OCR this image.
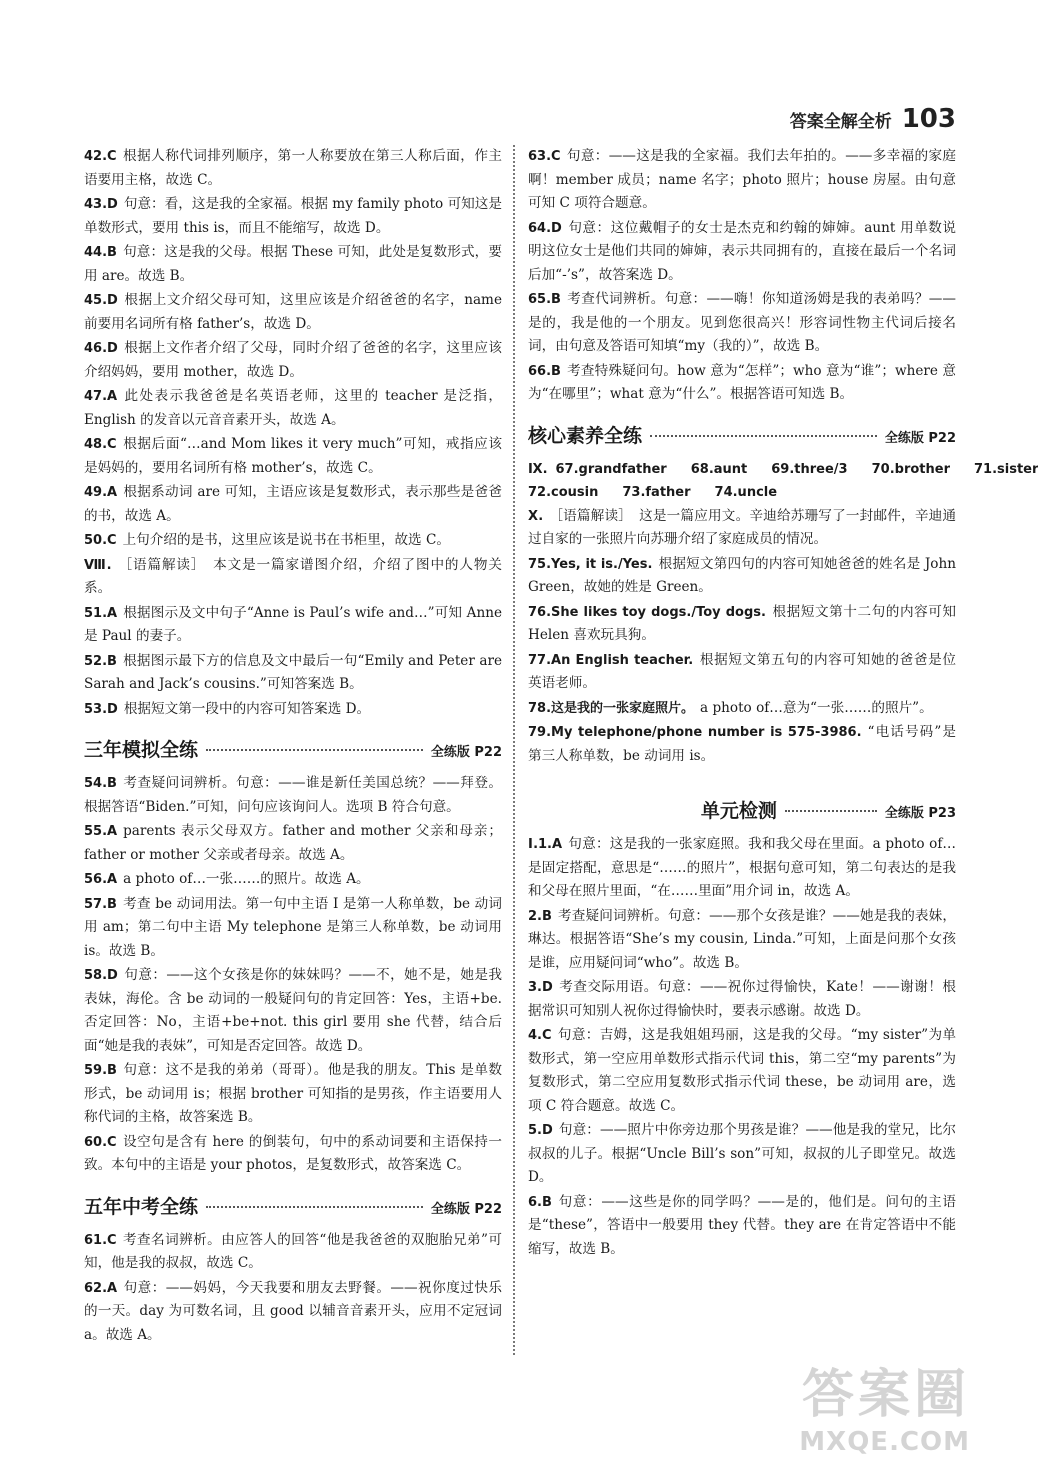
答案全解全析 103

42.C 根据人称代词排列顺序，第一人称要放在第三人称后面，作主语要用主格，故选 C。

43.D 句意：看，这是我的全家福。根据 my family photo 可知这是单数形式，要用 this is，而且不能缩写，故选 D。

44.B 句意：这是我的父母。根据 These 可知，此处是复数形式，要用 are。故选 B。

45.D 根据上文介绍父母可知，这里应该是介绍爸爸的名字，name 前要用名词所有格 father’s，故选 D。

46.D 根据上文作者介绍了父母，同时介绍了爸爸的名字，这里应该介绍妈妈，要用 mother，故选 D。

47.A 此处表示我爸爸是名英语老师，这里的 teacher 是泛指，English 的发音以元音音素开头，故选 A。

48.C 根据后面“…and Mom likes it very much”可知，戒指应该是妈妈的，要用名词所有格 mother’s，故选 C。

49.A 根据系动词 are 可知，主语应该是复数形式，表示那些是爸爸的书，故选 A。

50.C 上句介绍的是书，这里应该是说书在书柜里，故选 C。

Ⅷ. ［语篇解读］　本文是一篇家谱图介绍，介绍了图中的人物关系。

51.A 根据图示及文中句子“Anne is Paul’s wife and…”可知 Anne 是 Paul 的妻子。

52.B 根据图示最下方的信息及文中最后一句“Emily and Peter are Sarah and Jack’s cousins.”可知答案选 B。

53.D 根据短文第一段中的内容可知答案选 D。

三年模拟全练	全练版 P22

54.B 考查疑问词辨析。句意：——谁是新任美国总统？——拜登。根据答语“Biden.”可知，问句应该询问人。选项 B 符合句意。

55.A parents 表示父母双方。father and mother 父亲和母亲；father or mother 父亲或者母亲。故选 A。

56.A a photo of…一张……的照片。故选 A。

57.B 考查 be 动词用法。第一句中主语 I 是第一人称单数，be 动词用 am；第二句中主语 My telephone 是第三人称单数，be 动词用 is。故选 B。

58.D 句意：——这个女孩是你的妹妹吗？——不，她不是，她是我表妹，海伦。含 be 动词的一般疑问句的肯定回答：Yes，主语+be. 否定回答：No，主语+be+not. this girl 要用 she 代替，结合后面“她是我的表妹”，可知是否定回答。故选 D。

59.B 句意：这不是我的弟弟（哥哥）。他是我的朋友。This 是单数形式，be 动词用 is；根据 brother 可知指的是男孩，作主语要用人称代词的主格，故答案选 B。

60.C 设空句是含有 here 的倒装句，句中的系动词要和主语保持一致。本句中的主语是 your photos，是复数形式，故答案选 C。

五年中考全练	全练版 P22

61.C 考查名词辨析。由应答人的回答“他是我爸爸的双胞胎兄弟”可知，他是我的叔叔，故选 C。

62.A 句意：——妈妈，今天我要和朋友去野餐。——祝你度过快乐的一天。day 为可数名词，且 good 以辅音音素开头，应用不定冠词 a。故选 A。

63.C 句意：——这是我的全家福。我们去年拍的。——多幸福的家庭啊！member 成员；name 名字；photo 照片；house 房屋。由句意可知 C 项符合题意。

64.D 句意：这位戴帽子的女士是杰克和约翰的婶婶。aunt 用单数说明这位女士是他们共同的婶婶，表示共同拥有的，直接在最后一个名词后加“-’s”，故答案选 D。

65.B 考查代词辨析。句意：——嗨！你知道汤姆是我的表弟吗？——是的，我是他的一个朋友。见到您很高兴！形容词性物主代词后接名词，由句意及答语可知填“my（我的）”，故选 B。

66.B 考查特殊疑问句。how 意为“怎样”；who 意为“谁”；where 意为“在哪里”；what 意为“什么”。根据答语可知选 B。

核心素养全练	全练版 P22
Ⅸ. 67.grandfather 68.aunt 69.three/3 70.brother 71.sister
72.cousin 73.father 74.uncle

Ⅹ. ［语篇解读］　这是一篇应用文。辛迪给苏珊写了一封邮件，辛迪通过自家的一张照片向苏珊介绍了家庭成员的情况。

75.Yes, it is./Yes. 根据短文第四句的内容可知她爸爸的姓名是 John Green，故她的姓是 Green。

76.She likes toy dogs./Toy dogs. 根据短文第十二句的内容可知 Helen 喜欢玩具狗。

77.An English teacher. 根据短文第五句的内容可知她的爸爸是位英语老师。

78.这是我的一张家庭照片。 a photo of…意为“一张……的照片”。

79.My telephone/phone number is 575-3986. “电话号码”是第三人称单数，be 动词用 is。

单元检测	全练版 P23

Ⅰ.1.A 句意：这是我的一张家庭照。我和我父母在里面。a photo of…是固定搭配，意思是“……的照片”，根据句意可知，第二句表达的是我和父母在照片里面，“在……里面”用介词 in，故选 A。

2.B 考查疑问词辨析。句意：——那个女孩是谁？——她是我的表妹，琳达。根据答语“She’s my cousin, Linda.”可知，上面是问那个女孩是谁，应用疑问词“who”。故选 B。

3.D 考查交际用语。句意：——祝你过得愉快，Kate！——谢谢！根据常识可知别人祝你过得愉快时，要表示感谢。故选 D。

4.C 句意：吉姆，这是我姐姐玛丽，这是我的父母。“my sister”为单数形式，第一空应用单数形式指示代词 this，第二空“my parents”为复数形式，第二空应用复数形式指示代词 these，be 动词用 are，选项 C 符合题意。故选 C。

5.D 句意：——照片中你旁边那个男孩是谁？——他是我的堂兄，比尔叔叔的儿子。根据“Uncle Bill’s son”可知，叔叔的儿子即堂兄。故选 D。

6.B 句意：——这些是你的同学吗？——是的，他们是。问句的主语是“these”，答语中一般要用 they 代替。they are 在肯定答语中不能缩写，故选 B。

答案圈
MXQE.COM
